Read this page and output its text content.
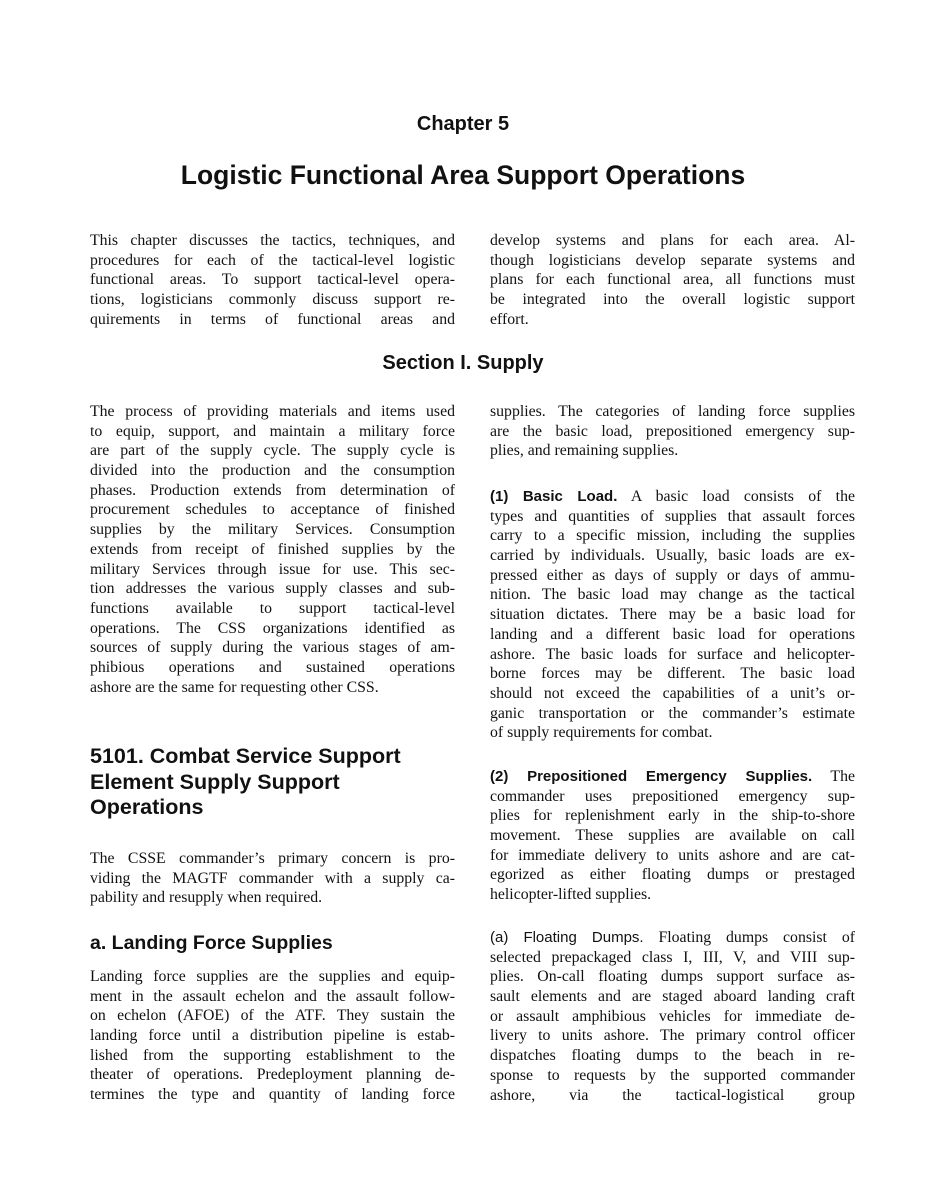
Chapter 5
Logistic Functional Area Support Operations
This chapter discusses the tactics, techniques, and
procedures for each of the tactical-level logistic
functional areas. To support tactical-level opera-
tions, logisticians commonly discuss support re-
quirements in terms of functional areas and
develop systems and plans for each area. Al-
though logisticians develop separate systems and
plans for each functional area, all functions must
be integrated into the overall logistic support
effort.
Section I. Supply
The process of providing materials and items used
to equip, support, and maintain a military force
are part of the supply cycle. The supply cycle is
divided into the production and the consumption
phases. Production extends from determination of
procurement schedules to acceptance of finished
supplies by the military Services. Consumption
extends from receipt of finished supplies by the
military Services through issue for use. This sec-
tion addresses the various supply classes and sub-
functions available to support tactical-level
operations. The CSS organizations identified as
sources of supply during the various stages of am-
phibious operations and sustained operations
ashore are the same for requesting other CSS.
5101. Combat Service Support
Element Supply Support
Operations
The CSSE commander’s primary concern is pro-
viding the MAGTF commander with a supply ca-
pability and resupply when required.
a. Landing Force Supplies
Landing force supplies are the supplies and equip-
ment in the assault echelon and the assault follow-
on echelon (AFOE) of the ATF. They sustain the
landing force until a distribution pipeline is estab-
lished from the supporting establishment to the
theater of operations. Predeployment planning de-
termines the type and quantity of landing force
supplies. The categories of landing force supplies
are the basic load, prepositioned emergency sup-
plies, and remaining supplies.
(1) Basic Load. A basic load consists of the
types and quantities of supplies that assault forces
carry to a specific mission, including the supplies
carried by individuals. Usually, basic loads are ex-
pressed either as days of supply or days of ammu-
nition. The basic load may change as the tactical
situation dictates. There may be a basic load for
landing and a different basic load for operations
ashore. The basic loads for surface and helicopter-
borne forces may be different. The basic load
should not exceed the capabilities of a unit’s or-
ganic transportation or the commander’s estimate
of supply requirements for combat.
(2) Prepositioned Emergency Supplies. The
commander uses prepositioned emergency sup-
plies for replenishment early in the ship-to-shore
movement. These supplies are available on call
for immediate delivery to units ashore and are cat-
egorized as either floating dumps or prestaged
helicopter-lifted supplies.
(a) Floating Dumps. Floating dumps consist of
selected prepackaged class I, III, V, and VIII sup-
plies. On-call floating dumps support surface as-
sault elements and are staged aboard landing craft
or assault amphibious vehicles for immediate de-
livery to units ashore. The primary control officer
dispatches floating dumps to the beach in re-
sponse to requests by the supported commander
ashore, via the tactical-logistical group
